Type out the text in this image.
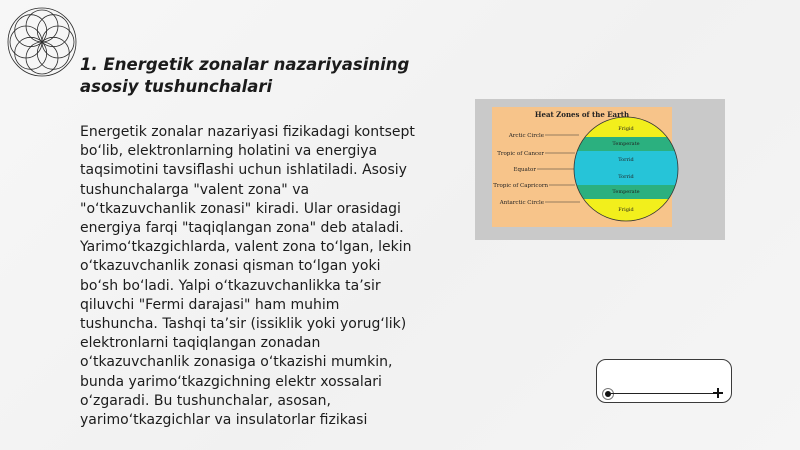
1. Energetik zonalar nazariyasining asosiy tushunchalari

Energetik zonalar nazariyasi fizikadagi kontsept bo‘lib, elektronlarning holatini va energiya taqsimotini tavsiflashi uchun ishlatiladi. Asosiy tushunchalarga "valent zona" va "o‘tkazuvchanlik zonasi" kiradi. Ular orasidagi energiya farqi "taqiqlangan zona" deb ataladi. Yarimo‘tkazgichlarda, valent zona to‘lgan, lekin o‘tkazuvchanlik zonasi qisman to‘lgan yoki bo‘sh bo‘ladi. Yalpi o‘tkazuvchanlikka ta’sir qiluvchi "Fermi darajasi" ham muhim tushuncha. Tashqi ta’sir (issiklik yoki yorug‘lik) elektronlarni taqiqlangan zonadan o‘tkazuvchanlik zonasiga o‘tkazishi mumkin, bunda yarimo‘tkazgichning elektr xossalari o‘zgaradi. Bu tushunchalar, asosan, yarimo‘tkazgichlar va insulatorlar fizikasi

Heat Zones of the Earth
Arctic Circle
Tropic of Cancer
Equator
Tropic of Capricorn
Antarctic Circle
Frigid
Temperate
Torrid
Torrid
Temperate
Frigid
